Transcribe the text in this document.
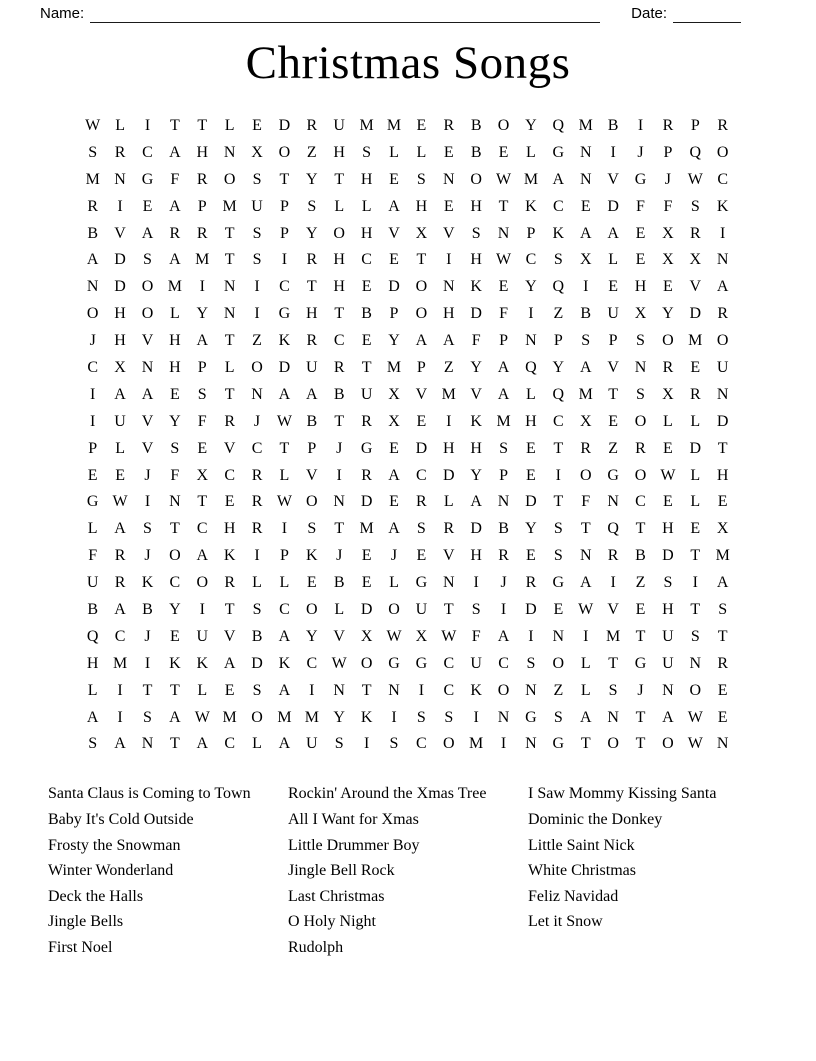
Name:	Date:
Christmas Songs
W L	I	T	T	L	E	D	R	U M M E	R	B	O Y Q M B	I	R	P	R
S	R	C	A H N X O	Z	H	S	L	L	E	B	E	L	G N	I	J	P	Q O
M N G	F	R	O	S	T	Y	T	H	E	S	N O W M A N V G	J	W C
R	I	E	A	P M U	P	S	L	L	A H	E	H	T	K	C	E	D	F	F	S	K
B	V A	R	R	T	S	P	Y O H V X V	S	N	P	K A A	E	X	R	I
A D	S	A M T	S	I	R	H	C	E	T	I	H W C	S	X	L	E	X X N
N D O M	I	N	I	C	T	H	E	D O N K	E	Y Q	I	E	H	E	V A
O H O	L	Y N	I	G H	T	B	P	O H D	F	I	Z	B	U X Y D	R
J	H V H A	T	Z	K	R	C	E	Y A A	F	P	N	P	S	P	S	O M O
C	X N H	P	L	O D U	R	T M P	Z	Y A Q Y A V N	R	E	U
I	A A	E	S	T	N A A	B	U X V M V A	L	Q M T	S	X	R	N
I	U V Y	F	R	J	W B	T	R	X	E	I	K M H	C	X	E	O	L	L	D
P	L	V	S	E	V	C	T	P	J	G	E	D H H	S	E	T	R	Z	R	E	D	T
E	E	J	F	X	C	R	L	V	I	R	A	C	D Y	P	E	I	O G O W L	H
G W	I	N	T	E	R W O N D	E	R	L	A N D	T	F	N	C	E	L	E
L	A	S	T	C	H	R	I	S	T M A	S	R	D	B	Y	S	T	Q	T	H	E	X
F	R	J	O A K	I	P	K	J	E	J	E	V H	R	E	S	N	R	B	D	T M
U	R	K	C	O	R	L	L	E	B	E	L	G N	I	J	R	G A	I	Z	S	I	A
B	A	B	Y	I	T	S	C	O	L	D O U	T	S	I	D	E W V	E	H	T	S
Q	C	J	E	U V	B	A Y V X W X W F	A	I	N	I	M T	U	S	T
H M	I	K K A D K	C W O G G	C	U	C	S	O	L	T	G U N	R
L	I	T	T	L	E	S	A	I	N	T	N	I	C	K O N	Z	L	S	J	N O	E
A	I	S	A W M O M M Y K	I	S	S	I	N G	S	A N	T	A W E
S	A N	T	A	C	L	A U	S	I	S	C	O M	I	N G	T	O	T	O W N
Santa Claus is Coming to Town
Baby It's Cold Outside
Frosty the Snowman
Winter Wonderland
Deck the Halls
Jingle Bells
First Noel
Rockin' Around the Xmas Tree
All I Want for Xmas
Little Drummer Boy
Jingle Bell Rock
Last Christmas
O Holy Night
Rudolph
I Saw Mommy Kissing Santa
Dominic the Donkey
Little Saint Nick
White Christmas
Feliz Navidad
Let it Snow
